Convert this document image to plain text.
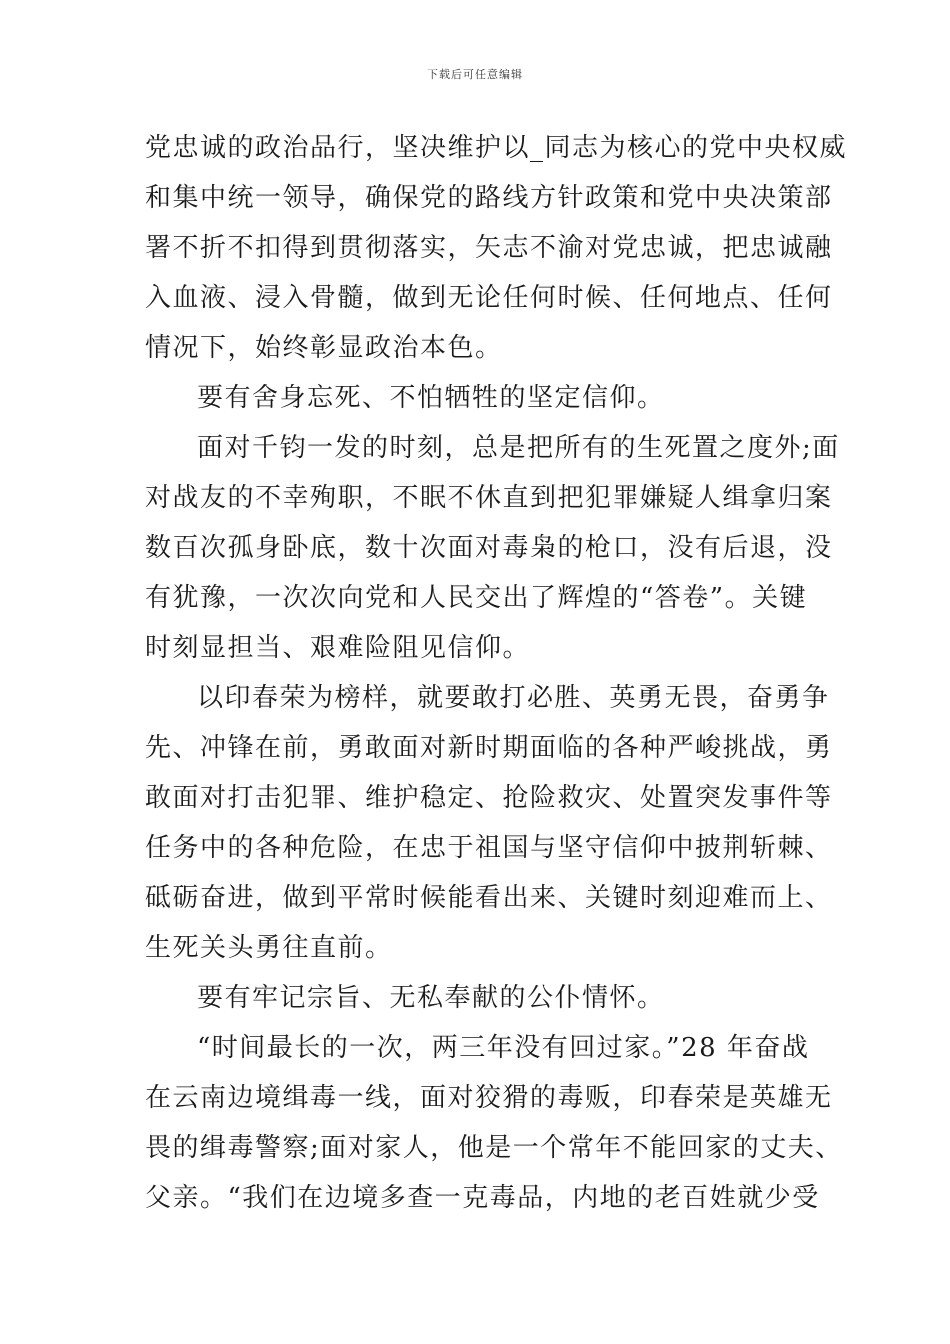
下载后可任意编辑
党忠诚的政治品行，坚决维护以_同志为核心的党中央权威
和集中统一领导，确保党的路线方针政策和党中央决策部
署不折不扣得到贯彻落实，矢志不渝对党忠诚，把忠诚融
入血液、浸入骨髓，做到无论任何时候、任何地点、任何
情况下，始终彰显政治本色。
要有舍身忘死、不怕牺牲的坚定信仰。
面对千钧一发的时刻，总是把所有的生死置之度外;面
对战友的不幸殉职，不眠不休直到把犯罪嫌疑人缉拿归案
数百次孤身卧底，数十次面对毒枭的枪口，没有后退，没
有犹豫，一次次向党和人民交出了辉煌的“答卷”。关键
时刻显担当、艰难险阻见信仰。
以印春荣为榜样，就要敢打必胜、英勇无畏，奋勇争
先、冲锋在前，勇敢面对新时期面临的各种严峻挑战，勇
敢面对打击犯罪、维护稳定、抢险救灾、处置突发事件等
任务中的各种危险，在忠于祖国与坚守信仰中披荆斩棘、
砥砺奋进，做到平常时候能看出来、关键时刻迎难而上、
生死关头勇往直前。
要有牢记宗旨、无私奉献的公仆情怀。
“时间最长的一次，两三年没有回过家。”28 年奋战
在云南边境缉毒一线，面对狡猾的毒贩，印春荣是英雄无
畏的缉毒警察;面对家人，他是一个常年不能回家的丈夫、
父亲。“我们在边境多查一克毒品，内地的老百姓就少受
